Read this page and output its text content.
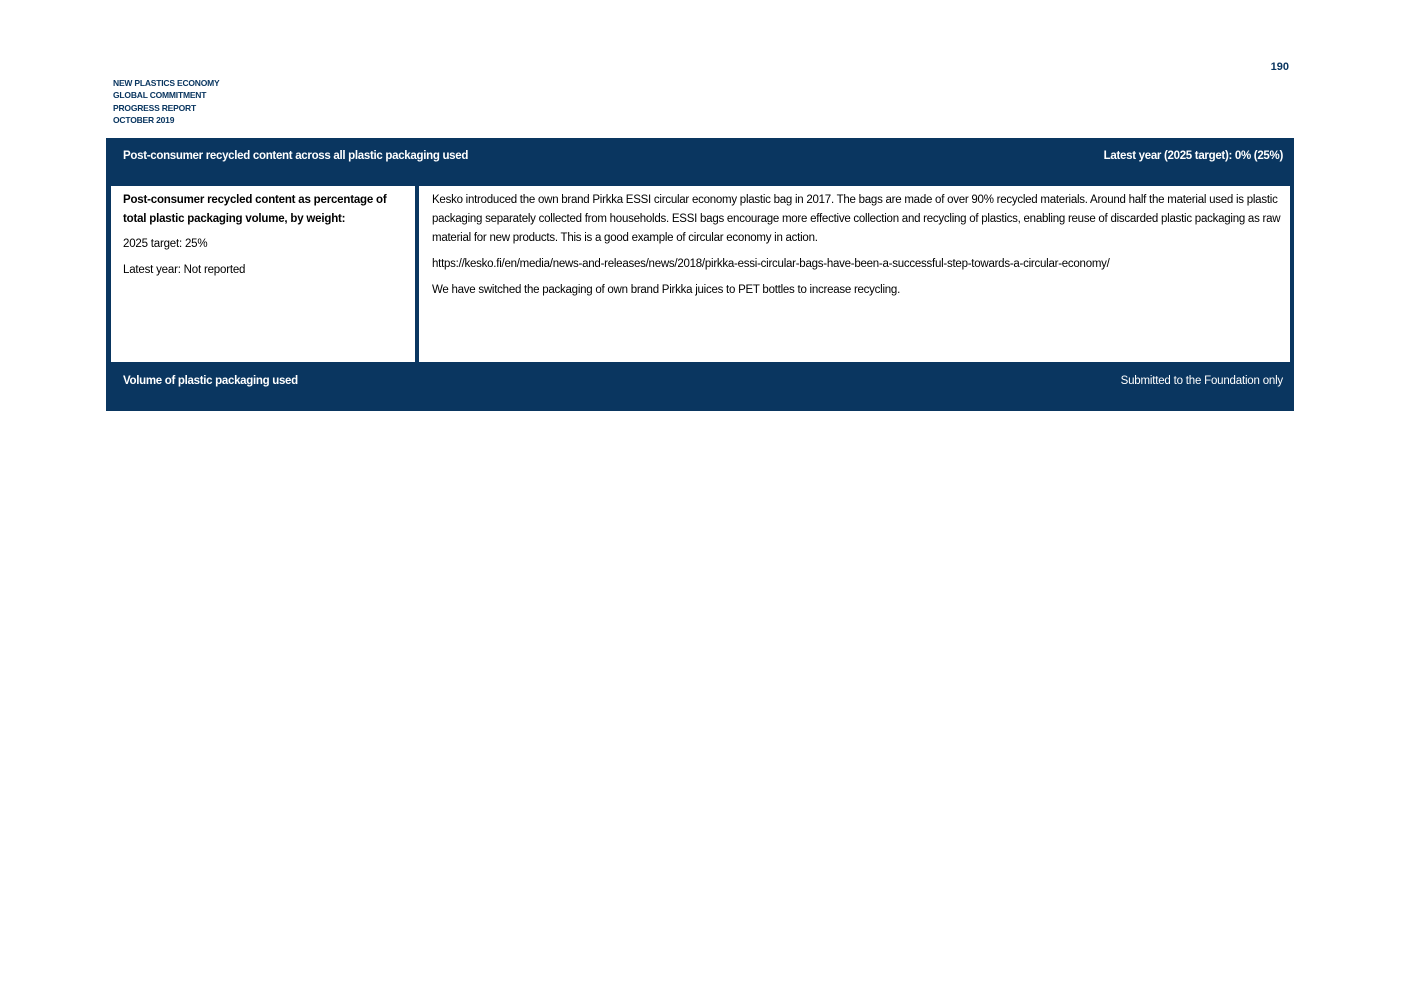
NEW PLASTICS ECONOMY
GLOBAL COMMITMENT
PROGRESS REPORT
OCTOBER 2019
190
Post-consumer recycled content across all plastic packaging used	Latest year (2025 target): 0% (25%)

Post-consumer recycled content as percentage of total plastic packaging volume, by weight:

2025 target: 25%

Latest year: Not reported

Kesko introduced the own brand Pirkka ESSI circular economy plastic bag in 2017. The bags are made of over 90% recycled materials. Around half the material used is plastic packaging separately collected from households. ESSI bags encourage more effective collection and recycling of plastics, enabling reuse of discarded plastic packaging as raw material for new products. This is a good example of circular economy in action.

https://kesko.fi/en/media/news-and-releases/news/2018/pirkka-essi-circular-bags-have-been-a-successful-step-towards-a-circular-economy/

We have switched the packaging of own brand Pirkka juices to PET bottles to increase recycling.

Volume of plastic packaging used	Submitted to the Foundation only
